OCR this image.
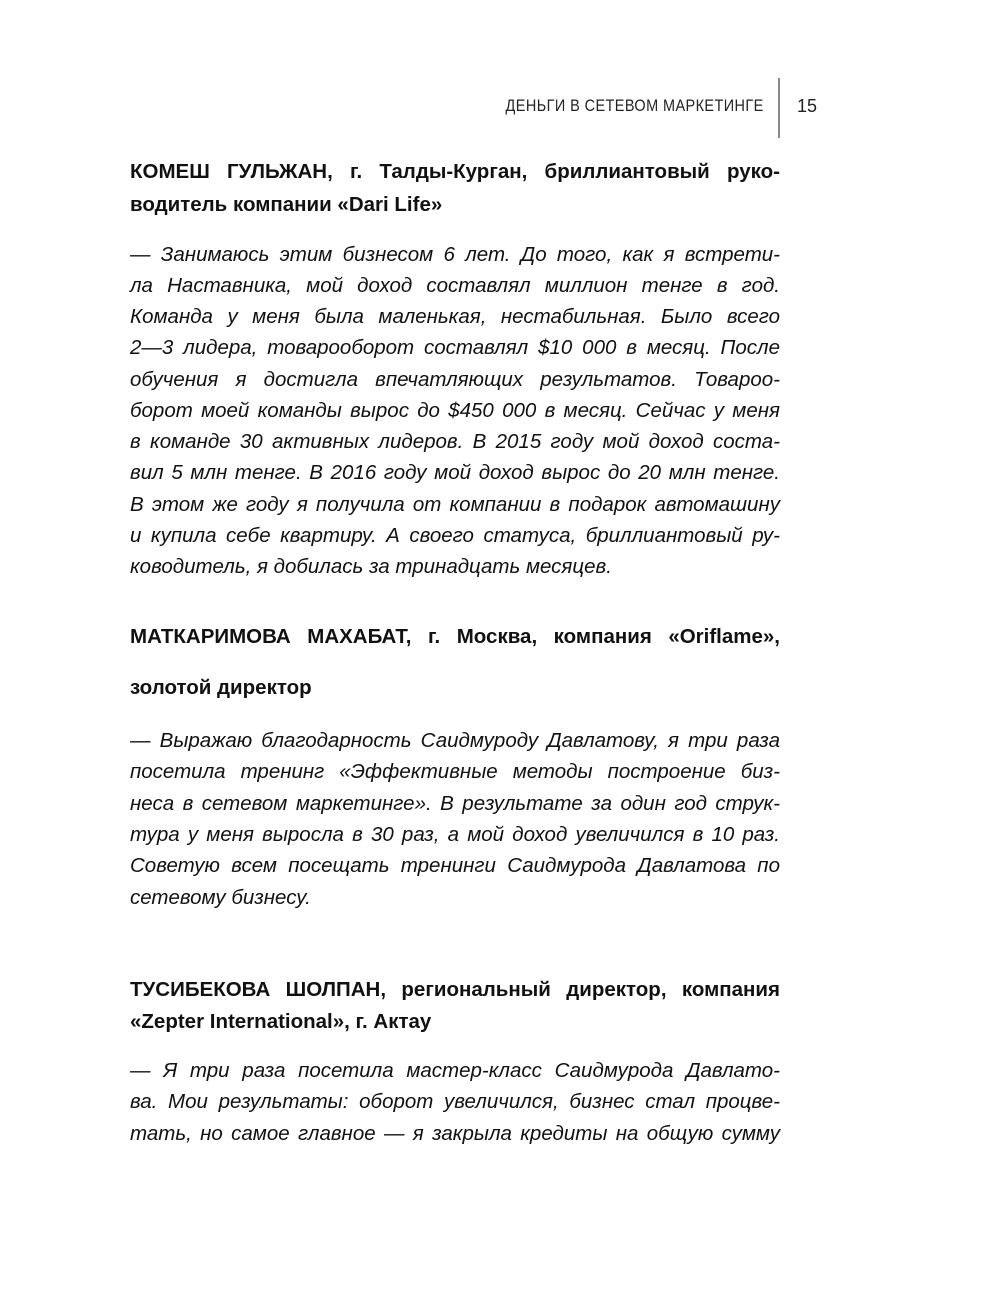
ДЕНЬГИ В СЕТЕВОМ МАРКЕТИНГЕ 15
КОМЕШ ГУЛЬЖАН, г. Талды-Курган, бриллиантовый руко-
водитель компании «Dari Life»
— Занимаюсь этим бизнесом 6 лет. До того, как я встрети-
ла Наставника, мой доход составлял миллион тенге в год.
Команда у меня была маленькая, нестабильная. Было всего
2—3 лидера, товарооборот составлял $10 000 в месяц. После
обучения я достигла впечатляющих результатов. Товароо-
борот моей команды вырос до $450 000 в месяц. Сейчас у меня
в команде 30 активных лидеров. В 2015 году мой доход соста-
вил 5 млн тенге. В 2016 году мой доход вырос до 20 млн тенге.
В этом же году я получила от компании в подарок автомашину
и купила себе квартиру. А своего статуса, бриллиантовый ру-
ководитель, я добилась за тринадцать месяцев.
МАТКАРИМОВА МАХАБАТ, г. Москва, компания «Oriflame»,
золотой директор
— Выражаю благодарность Саидмуроду Давлатову, я три раза
посетила тренинг «Эффективные методы построение биз-
неса в сетевом маркетинге». В результате за один год струк-
тура у меня выросла в 30 раз, а мой доход увеличился в 10 раз.
Советую всем посещать тренинги Саидмурода Давлатова по
сетевому бизнесу.
ТУСИБЕКОВА ШОЛПАН, региональный директор, компания
«Zepter International», г. Актау
— Я три раза посетила мастер-класс Саидмурода Давлато-
ва. Мои результаты: оборот увеличился, бизнес стал процве-
тать, но самое главное — я закрыла кредиты на общую сумму
